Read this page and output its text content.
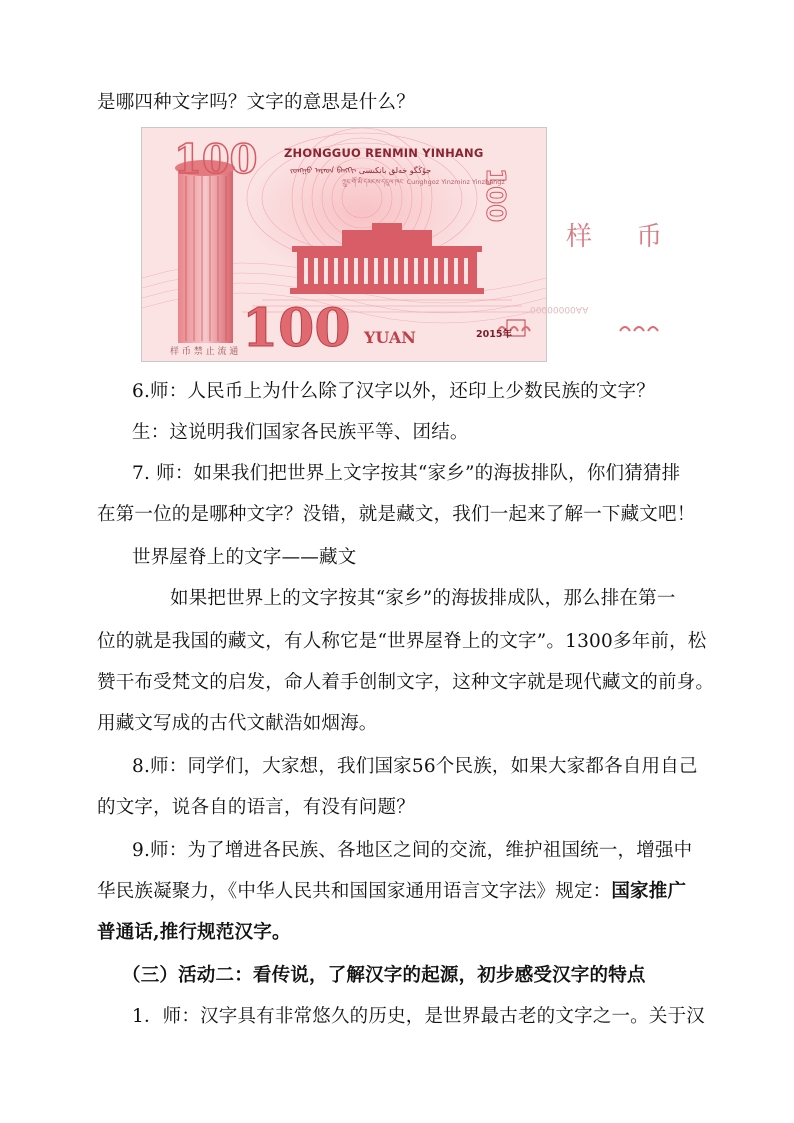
是哪四种文字吗？文字的意思是什么？
100
100
ZHONGGUO RENMIN YINHANG
ᠵᠣᠩᠭᠣ ᠠᠷᠠᠳ ᠪᠠᠩᠬᠢ جۇڭگو خەلق بانكىسى
ཀྲུང་གོ་མི་དམངས་དངུལ་ཁང་ Cunghgoz Yinzminz Yinzhangz
100
样 币
YUAN	2015年
AA00000000
样 币 禁 止 流 通
6.师：人民币上为什么除了汉字以外，还印上少数民族的文字？
生：这说明我们国家各民族平等、团结。
7. 师：如果我们把世界上文字按其“家乡”的海拔排队，你们猜猜排
在第一位的是哪种文字？没错，就是藏文，我们一起来了解一下藏文吧！
世界屋脊上的文字——藏文
如果把世界上的文字按其“家乡”的海拔排成队，那么排在第一
位的就是我国的藏文，有人称它是“世界屋脊上的文字”。1300多年前，松
赞干布受梵文的启发，命人着手创制文字，这种文字就是现代藏文的前身。
用藏文写成的古代文献浩如烟海。
8.师：同学们，大家想，我们国家56个民族，如果大家都各自用自己
的文字，说各自的语言，有没有问题？
9.师：为了增进各民族、各地区之间的交流，维护祖国统一，增强中
华民族凝聚力，《中华人民共和国国家通用语言文字法》规定：国家推广
普通话,推行规范汉字。
（三）活动二：看传说，了解汉字的起源，初步感受汉字的特点
1．师：汉字具有非常悠久的历史，是世界最古老的文字之一。关于汉
